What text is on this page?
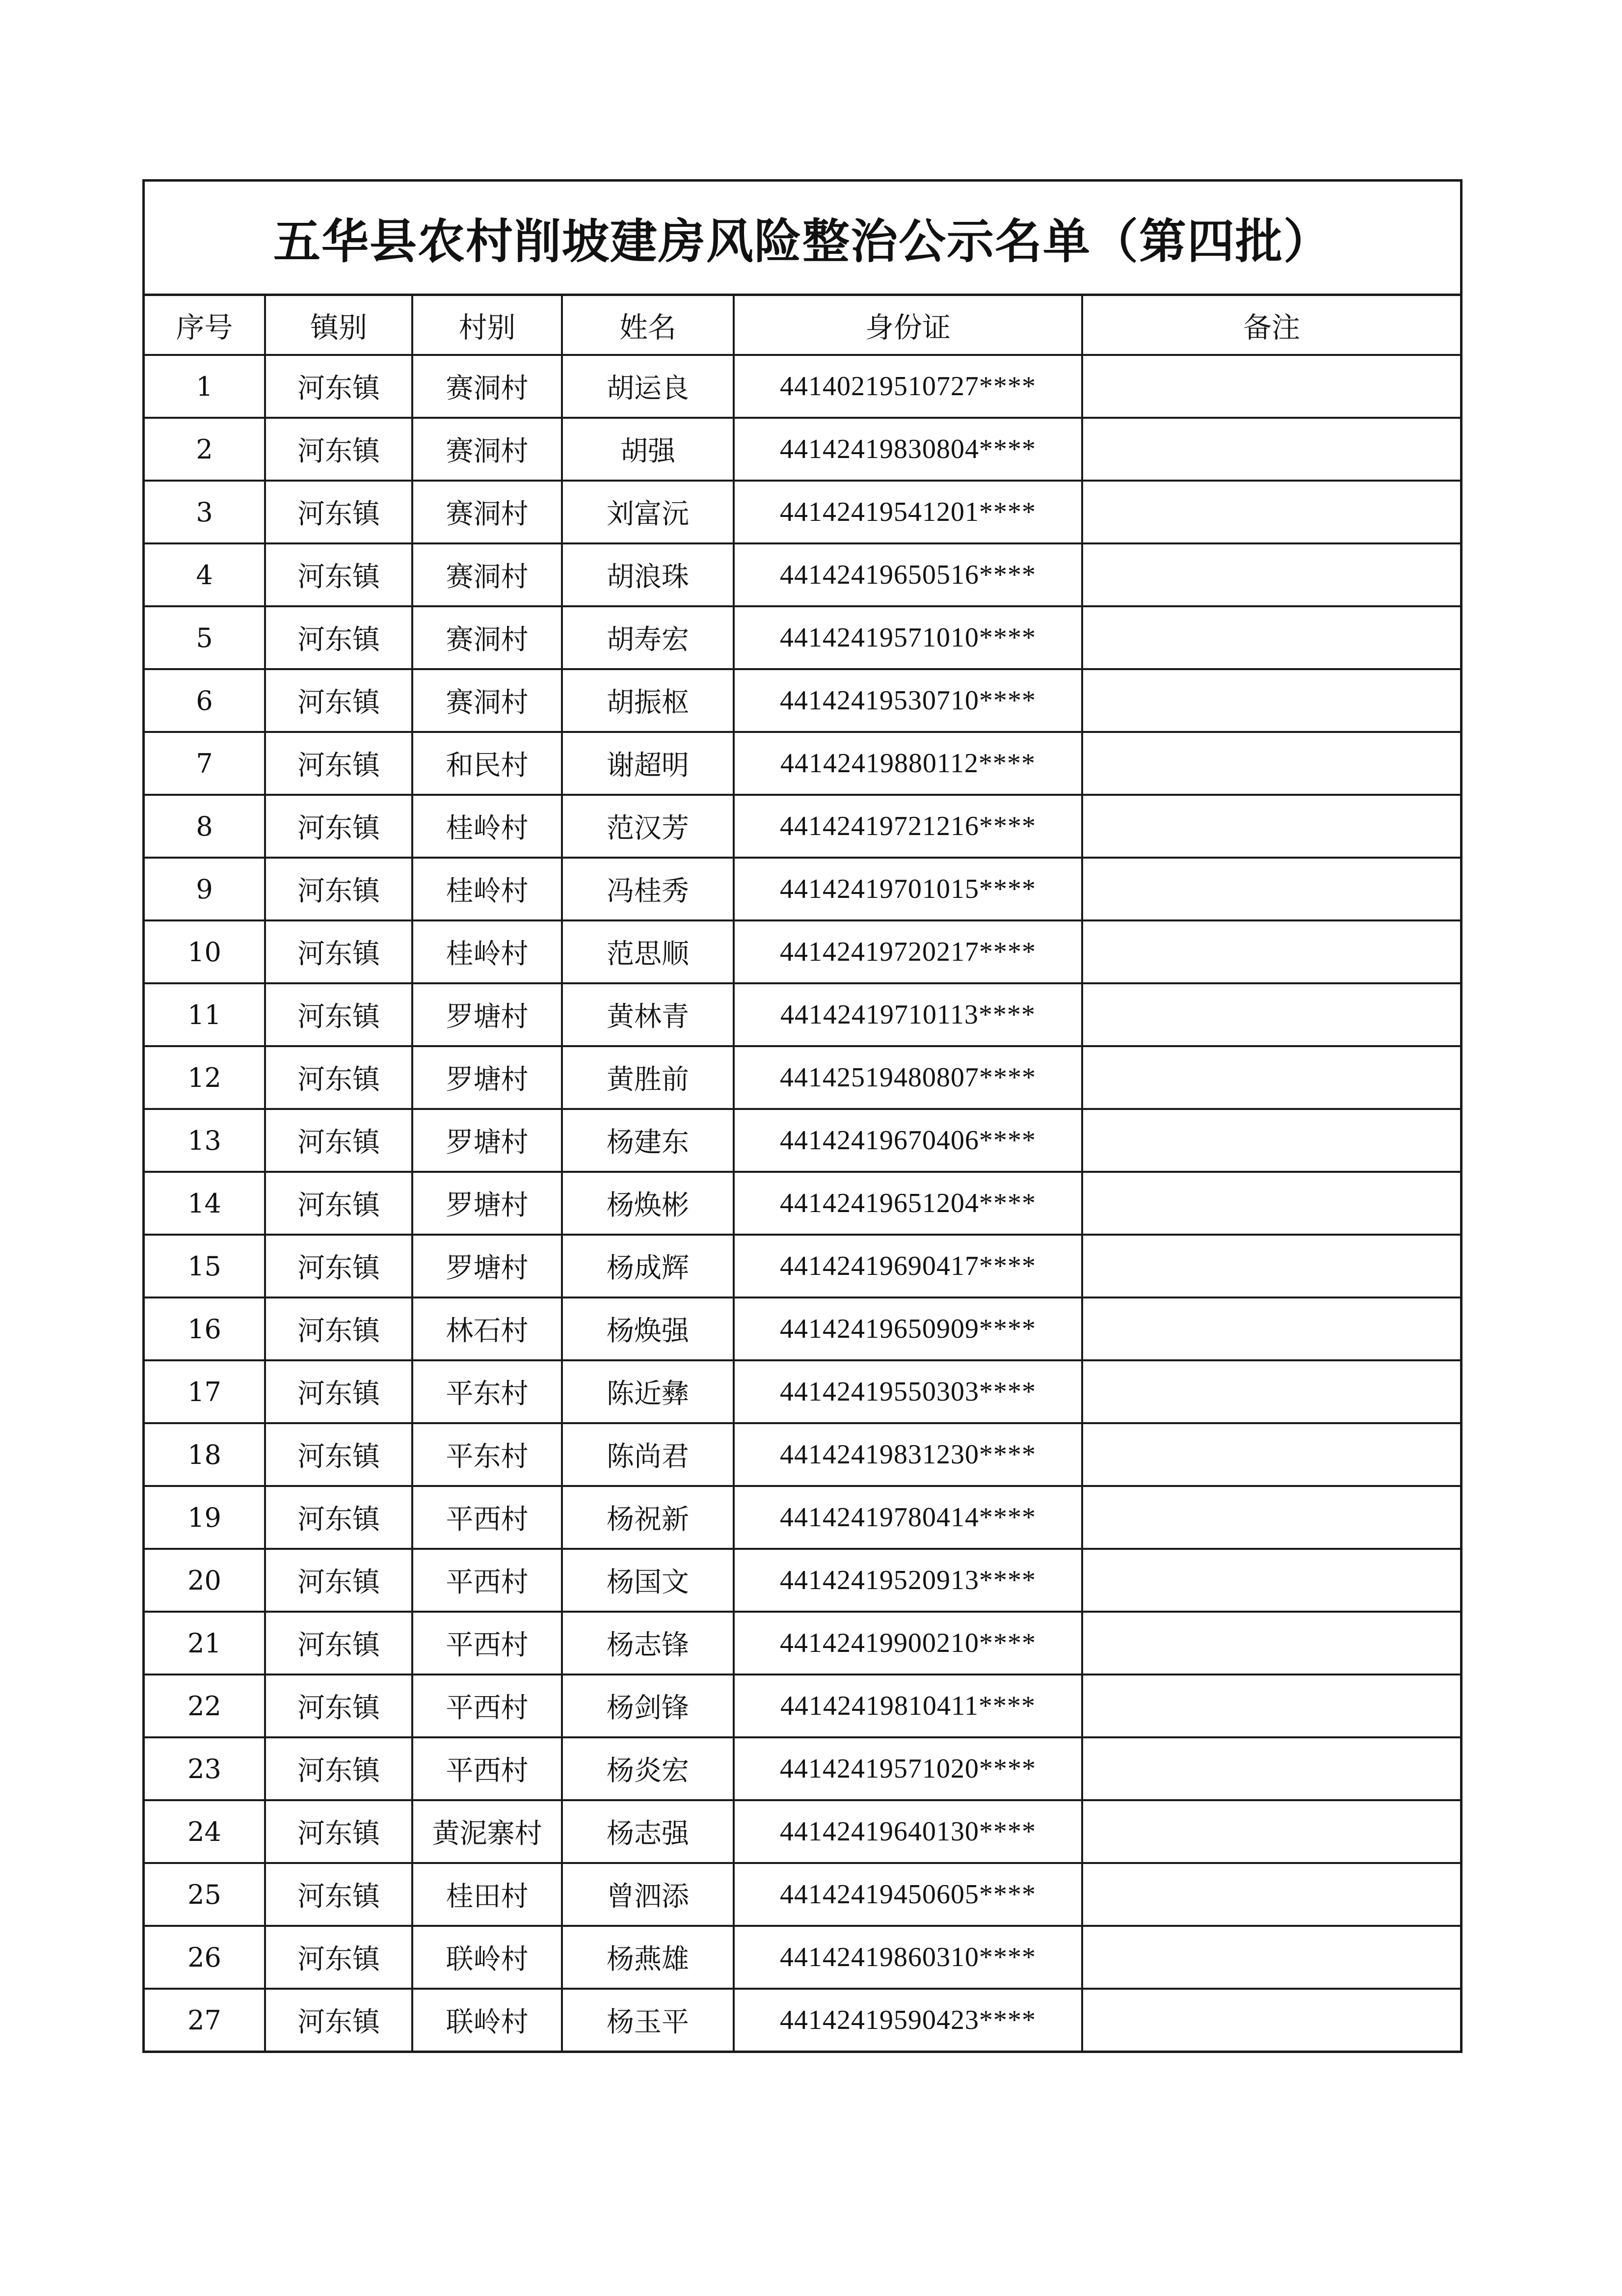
五华县农村削坡建房风险整治公示名单（第四批）
序号	镇别	村别	姓名	身份证	备注
1	河东镇	赛洞村	胡运良	44140219510727****	
2	河东镇	赛洞村	胡强	44142419830804****	
3	河东镇	赛洞村	刘富沅	44142419541201****	
4	河东镇	赛洞村	胡浪珠	44142419650516****	
5	河东镇	赛洞村	胡寿宏	44142419571010****	
6	河东镇	赛洞村	胡振枢	44142419530710****	
7	河东镇	和民村	谢超明	44142419880112****	
8	河东镇	桂岭村	范汉芳	44142419721216****	
9	河东镇	桂岭村	冯桂秀	44142419701015****	
10	河东镇	桂岭村	范思顺	44142419720217****	
11	河东镇	罗塘村	黄林青	44142419710113****	
12	河东镇	罗塘村	黄胜前	44142519480807****	
13	河东镇	罗塘村	杨建东	44142419670406****	
14	河东镇	罗塘村	杨焕彬	44142419651204****	
15	河东镇	罗塘村	杨成辉	44142419690417****	
16	河东镇	林石村	杨焕强	44142419650909****	
17	河东镇	平东村	陈近彝	44142419550303****	
18	河东镇	平东村	陈尚君	44142419831230****	
19	河东镇	平西村	杨祝新	44142419780414****	
20	河东镇	平西村	杨国文	44142419520913****	
21	河东镇	平西村	杨志锋	44142419900210****	
22	河东镇	平西村	杨剑锋	44142419810411****	
23	河东镇	平西村	杨炎宏	44142419571020****	
24	河东镇	黄泥寨村	杨志强	44142419640130****	
25	河东镇	桂田村	曾泗添	44142419450605****	
26	河东镇	联岭村	杨燕雄	44142419860310****	
27	河东镇	联岭村	杨玉平	44142419590423****	
